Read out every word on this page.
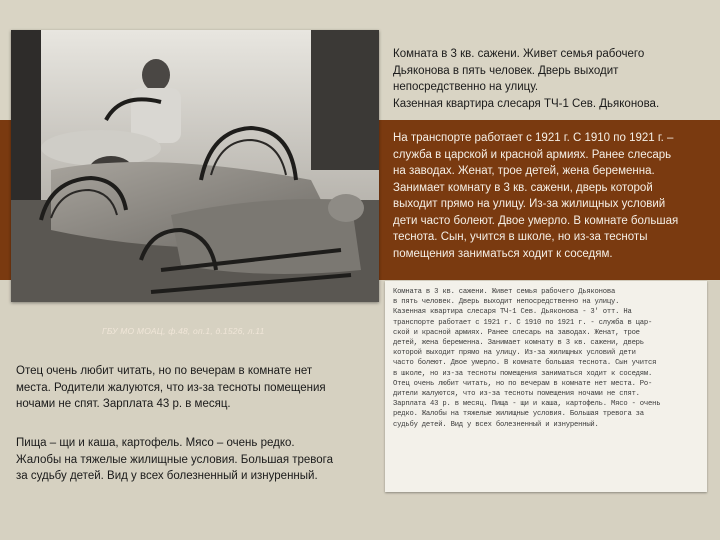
Комната в 3 кв. сажени. Живет семья рабочего
Дьяконова в пять человек. Дверь выходит
непосредственно на улицу.
Казенная квартира слесаря ТЧ-1 Сев. Дьяконова.

На транспорте работает с 1921 г. С 1910 по 1921 г. –
служба в царской и красной армиях. Ранее слесарь
на заводах. Женат, трое детей, жена беременна.
Занимает комнату в 3 кв. сажени, дверь которой
выходит прямо на улицу. Из-за жилищных условий
дети часто болеют. Двое умерло. В комнате большая
теснота. Сын, учится в школе, но из-за тесноты
помещения заниматься ходит к соседям.

ГБУ МО МОАЦ, ф.48, оп.1, д.1526, л.11

Отец очень любит читать, но по вечерам в комнате нет
места. Родители жалуются, что из-за тесноты помещения
ночами не спят. Зарплата 43 р. в месяц.

Пища – щи и каша, картофель. Мясо – очень редко.
Жалобы на тяжелые жилищные условия. Большая тревога
за судьбу детей. Вид у всех болезненный и изнуренный.

Комната в 3 кв. сажени. Живет семья рабочего Дьяконова
в пять человек. Дверь выходит непосредственно на улицу.
Казенная квартира слесаря ТЧ-1 Сев. Дьяконова - 3' отт. На
транспорте работает с 1921 г. С 1910 по 1921 г. - служба в цар-
ской и красной армиях. Ранее слесарь на заводах. Женат, трое
детей, жена беременна. Занимает комнату в 3 кв. сажени, дверь
которой выходит прямо на улицу. Из-за жилищных условий дети
часто болеют. Двое умерло. В комнате большая теснота. Сын учится
в школе, но из-за тесноты помещения заниматься ходит к соседям.
Отец очень любит читать, но по вечерам в комнате нет места. Ро-
дители жалуются, что из-за тесноты помещения ночами не спят.
Зарплата 43 р. в месяц. Пища - щи и каша, картофель. Мясо - очень
редко. Жалобы на тяжелые жилищные условия. Большая тревога за
судьбу детей. Вид у всех болезненный и изнуренный.
